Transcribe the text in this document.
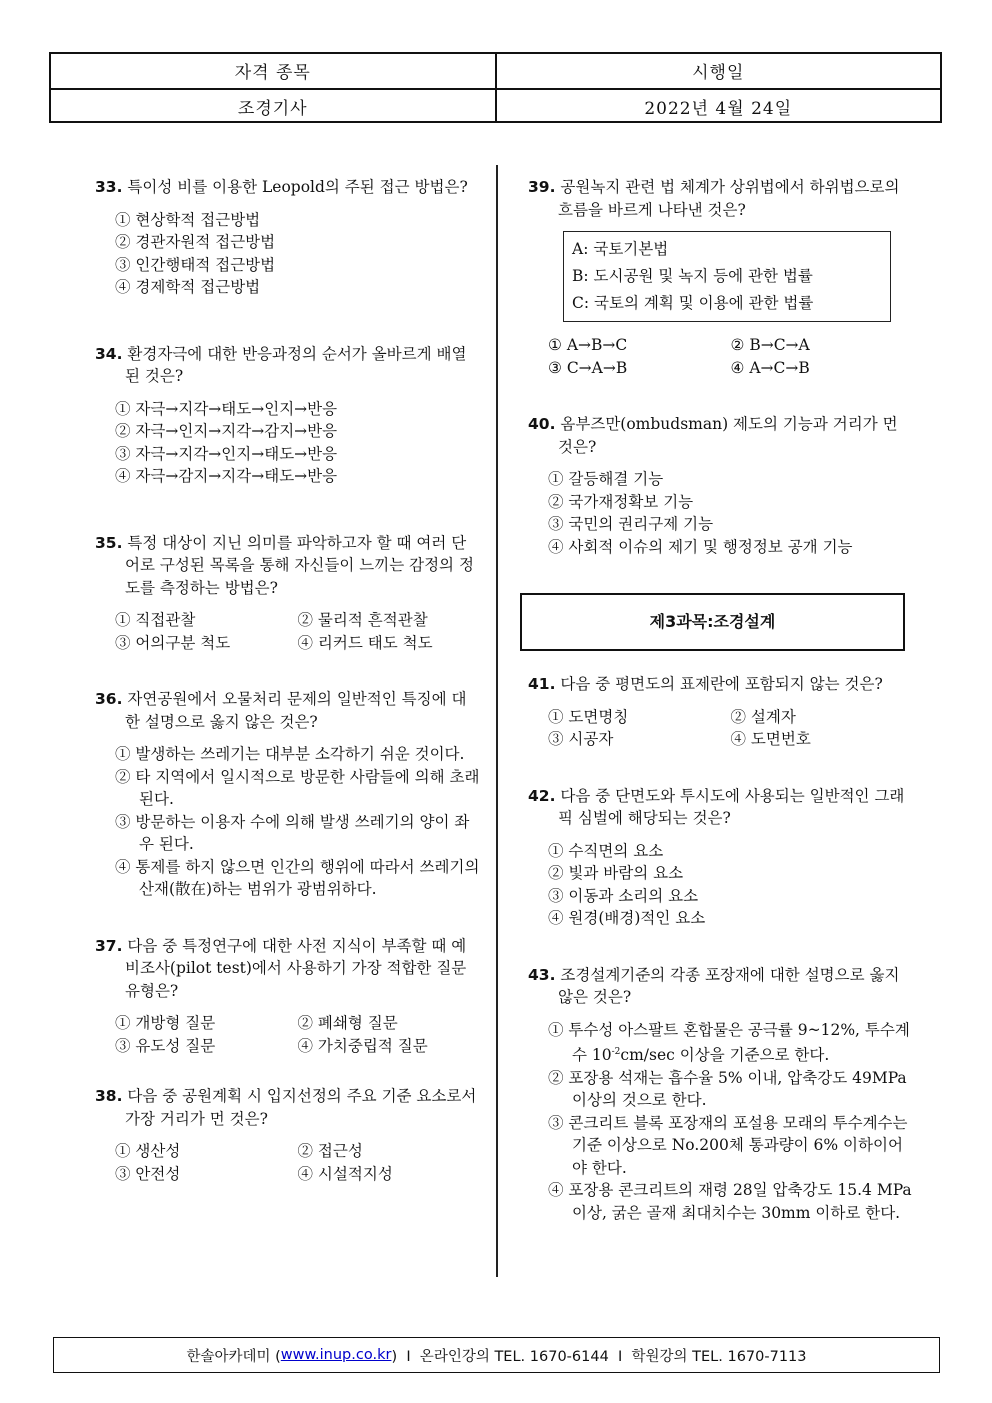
자격 종목	시행일
조경기사	2022년 4월 24일
33. 특이성 비를 이용한 Leopold의 주된 접근 방법은?
① 현상학적 접근방법
② 경관자원적 접근방법
③ 인간행태적 접근방법
④ 경제학적 접근방법
34. 환경자극에 대한 반응과정의 순서가 올바르게 배열된 것은?
① 자극→지각→태도→인지→반응
② 자극→인지→지각→감지→반응
③ 자극→지각→인지→태도→반응
④ 자극→감지→지각→태도→반응
35. 특정 대상이 지닌 의미를 파악하고자 할 때 여러 단어로 구성된 목록을 통해 자신들이 느끼는 감정의 정도를 측정하는 방법은?
① 직접관찰	② 물리적 흔적관찰
③ 어의구분 척도	④ 리커드 태도 척도
36. 자연공원에서 오물처리 문제의 일반적인 특징에 대한 설명으로 옳지 않은 것은?
① 발생하는 쓰레기는 대부분 소각하기 쉬운 것이다.
② 타 지역에서 일시적으로 방문한 사람들에 의해 초래된다.
③ 방문하는 이용자 수에 의해 발생 쓰레기의 양이 좌우 된다.
④ 통제를 하지 않으면 인간의 행위에 따라서 쓰레기의 산재(散在)하는 범위가 광범위하다.
37. 다음 중 특정연구에 대한 사전 지식이 부족할 때 예비조사(pilot test)에서 사용하기 가장 적합한 질문 유형은?
① 개방형 질문	② 폐쇄형 질문
③ 유도성 질문	④ 가치중립적 질문
38. 다음 중 공원계획 시 입지선정의 주요 기준 요소로서 가장 거리가 먼 것은?
① 생산성	② 접근성
③ 안전성	④ 시설적지성
39. 공원녹지 관련 법 체계가 상위법에서 하위법으로의 흐름을 바르게 나타낸 것은?
A: 국토기본법
B: 도시공원 및 녹지 등에 관한 법률
C: 국토의 계획 및 이용에 관한 법률
① A→B→C	② B→C→A
③ C→A→B	④ A→C→B
40. 옴부즈만(ombudsman) 제도의 기능과 거리가 먼 것은?
① 갈등해결 기능
② 국가재정확보 기능
③ 국민의 권리구제 기능
④ 사회적 이슈의 제기 및 행정정보 공개 기능
제3과목:조경설계
41. 다음 중 평면도의 표제란에 포함되지 않는 것은?
① 도면명칭	② 설계자
③ 시공자	④ 도면번호
42. 다음 중 단면도와 투시도에 사용되는 일반적인 그래픽 심벌에 해당되는 것은?
① 수직면의 요소
② 빛과 바람의 요소
③ 이동과 소리의 요소
④ 원경(배경)적인 요소
43. 조경설계기준의 각종 포장재에 대한 설명으로 옳지 않은 것은?
① 투수성 아스팔트 혼합물은 공극률 9~12%, 투수계수 $10^{-2}cm/\sec$ 이상을 기준으로 한다.
② 포장용 석재는 흡수율 5% 이내, 압축강도 49MPa 이상의 것으로 한다.
③ 콘크리트 블록 포장재의 포설용 모래의 투수계수는 기준 이상으로 No.200체 통과량이 6% 이하이어야 한다.
④ 포장용 콘크리트의 재령 28일 압축강도 15.4 MPa 이상, 굵은 골재 최대치수는 30mm 이하로 한다.
한솔아카데미 ( www.inup.co.kr )  I  온라인강의 TEL. 1670-6144  I  학원강의 TEL. 1670-7113
